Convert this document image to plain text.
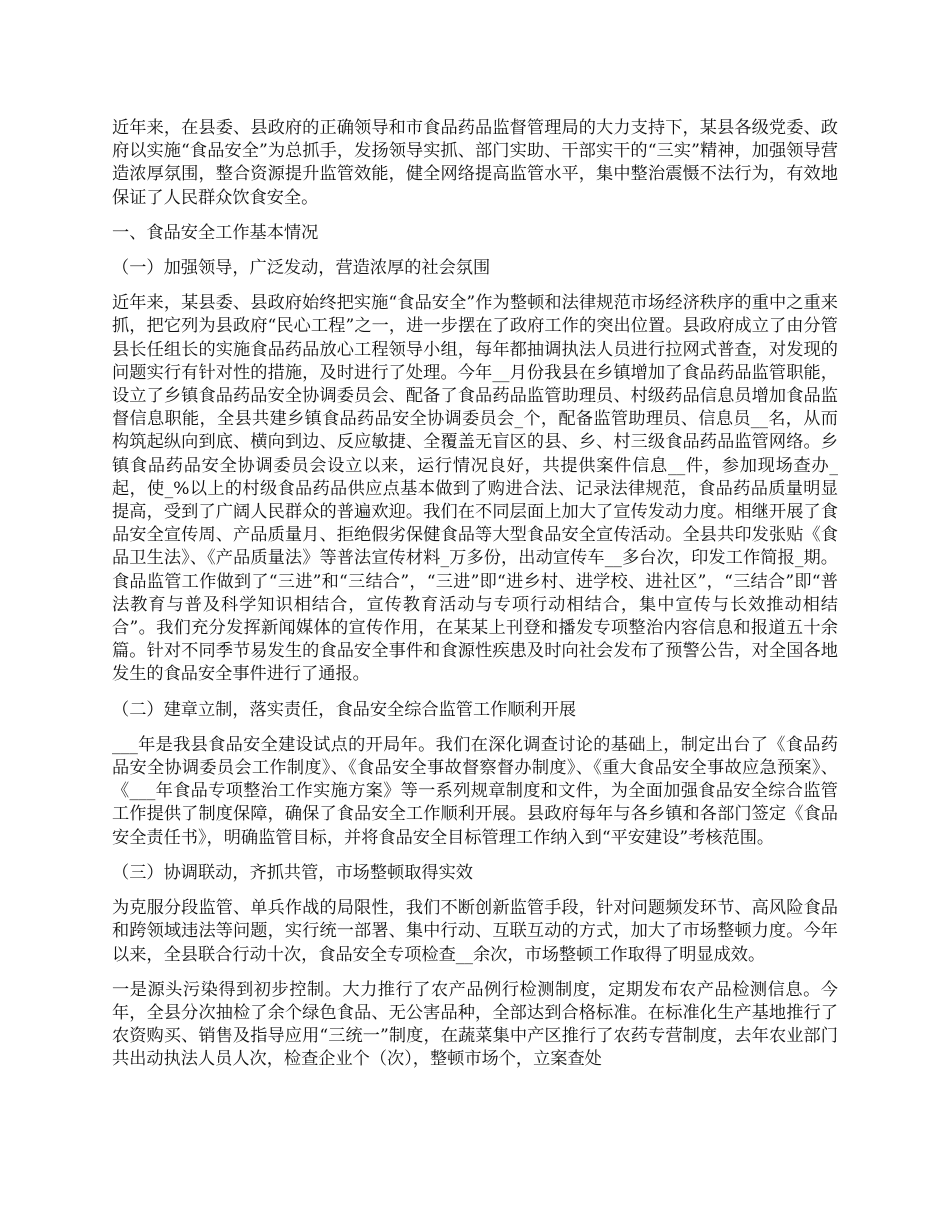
近年来，在县委、县政府的正确领导和市食品药品监督管理局的大力支持下，某县各级党委、政府以实施“食品安全”为总抓手，发扬领导实抓、部门实助、干部实干的“三实”精神，加强领导营造浓厚氛围，整合资源提升监管效能，健全网络提高监管水平，集中整治震慑不法行为，有效地保证了人民群众饮食安全。

一、食品安全工作基本情况

（一）加强领导，广泛发动，营造浓厚的社会氛围

近年来，某县委、县政府始终把实施“食品安全”作为整顿和法律规范市场经济秩序的重中之重来抓，把它列为县政府“民心工程”之一，进一步摆在了政府工作的突出位置。县政府成立了由分管县长任组长的实施食品药品放心工程领导小组，每年都抽调执法人员进行拉网式普查，对发现的问题实行有针对性的措施，及时进行了处理。今年__月份我县在乡镇增加了食品药品监管职能，设立了乡镇食品药品安全协调委员会、配备了食品药品监管助理员、村级药品信息员增加食品监督信息职能，全县共建乡镇食品药品安全协调委员会_个，配备监管助理员、信息员__名，从而构筑起纵向到底、横向到边、反应敏捷、全覆盖无盲区的县、乡、村三级食品药品监管网络。乡镇食品药品安全协调委员会设立以来，运行情况良好，共提供案件信息__件，参加现场查办_起，使_%以上的村级食品药品供应点基本做到了购进合法、记录法律规范，食品药品质量明显提高，受到了广阔人民群众的普遍欢迎。我们在不同层面上加大了宣传发动力度。相继开展了食品安全宣传周、产品质量月、拒绝假劣保健食品等大型食品安全宣传活动。全县共印发张贴《食品卫生法》、《产品质量法》等普法宣传材料_万多份，出动宣传车__多台次，印发工作简报_期。食品监管工作做到了“三进”和“三结合”，“三进”即“进乡村、进学校、进社区”，“三结合”即“普法教育与普及科学知识相结合，宣传教育活动与专项行动相结合，集中宣传与长效推动相结合”。我们充分发挥新闻媒体的宣传作用，在某某上刊登和播发专项整治内容信息和报道五十余篇。针对不同季节易发生的食品安全事件和食源性疾患及时向社会发布了预警公告，对全国各地发生的食品安全事件进行了通报。

（二）建章立制，落实责任，食品安全综合监管工作顺利开展

___年是我县食品安全建设试点的开局年。我们在深化调查讨论的基础上，制定出台了《食品药品安全协调委员会工作制度》、《食品安全事故督察督办制度》、《重大食品安全事故应急预案》、《___年食品专项整治工作实施方案》等一系列规章制度和文件，为全面加强食品安全综合监管工作提供了制度保障，确保了食品安全工作顺利开展。县政府每年与各乡镇和各部门签定《食品安全责任书》，明确监管目标，并将食品安全目标管理工作纳入到“平安建设”考核范围。

（三）协调联动，齐抓共管，市场整顿取得实效

为克服分段监管、单兵作战的局限性，我们不断创新监管手段，针对问题频发环节、高风险食品和跨领域违法等问题，实行统一部署、集中行动、互联互动的方式，加大了市场整顿力度。今年以来，全县联合行动十次，食品安全专项检查__余次，市场整顿工作取得了明显成效。

一是源头污染得到初步控制。大力推行了农产品例行检测制度，定期发布农产品检测信息。今年，全县分次抽检了余个绿色食品、无公害品种，全部达到合格标准。在标准化生产基地推行了农资购买、销售及指导应用“三统一”制度，在蔬菜集中产区推行了农药专营制度，去年农业部门共出动执法人员人次，检查企业个（次），整顿市场个，立案查处
